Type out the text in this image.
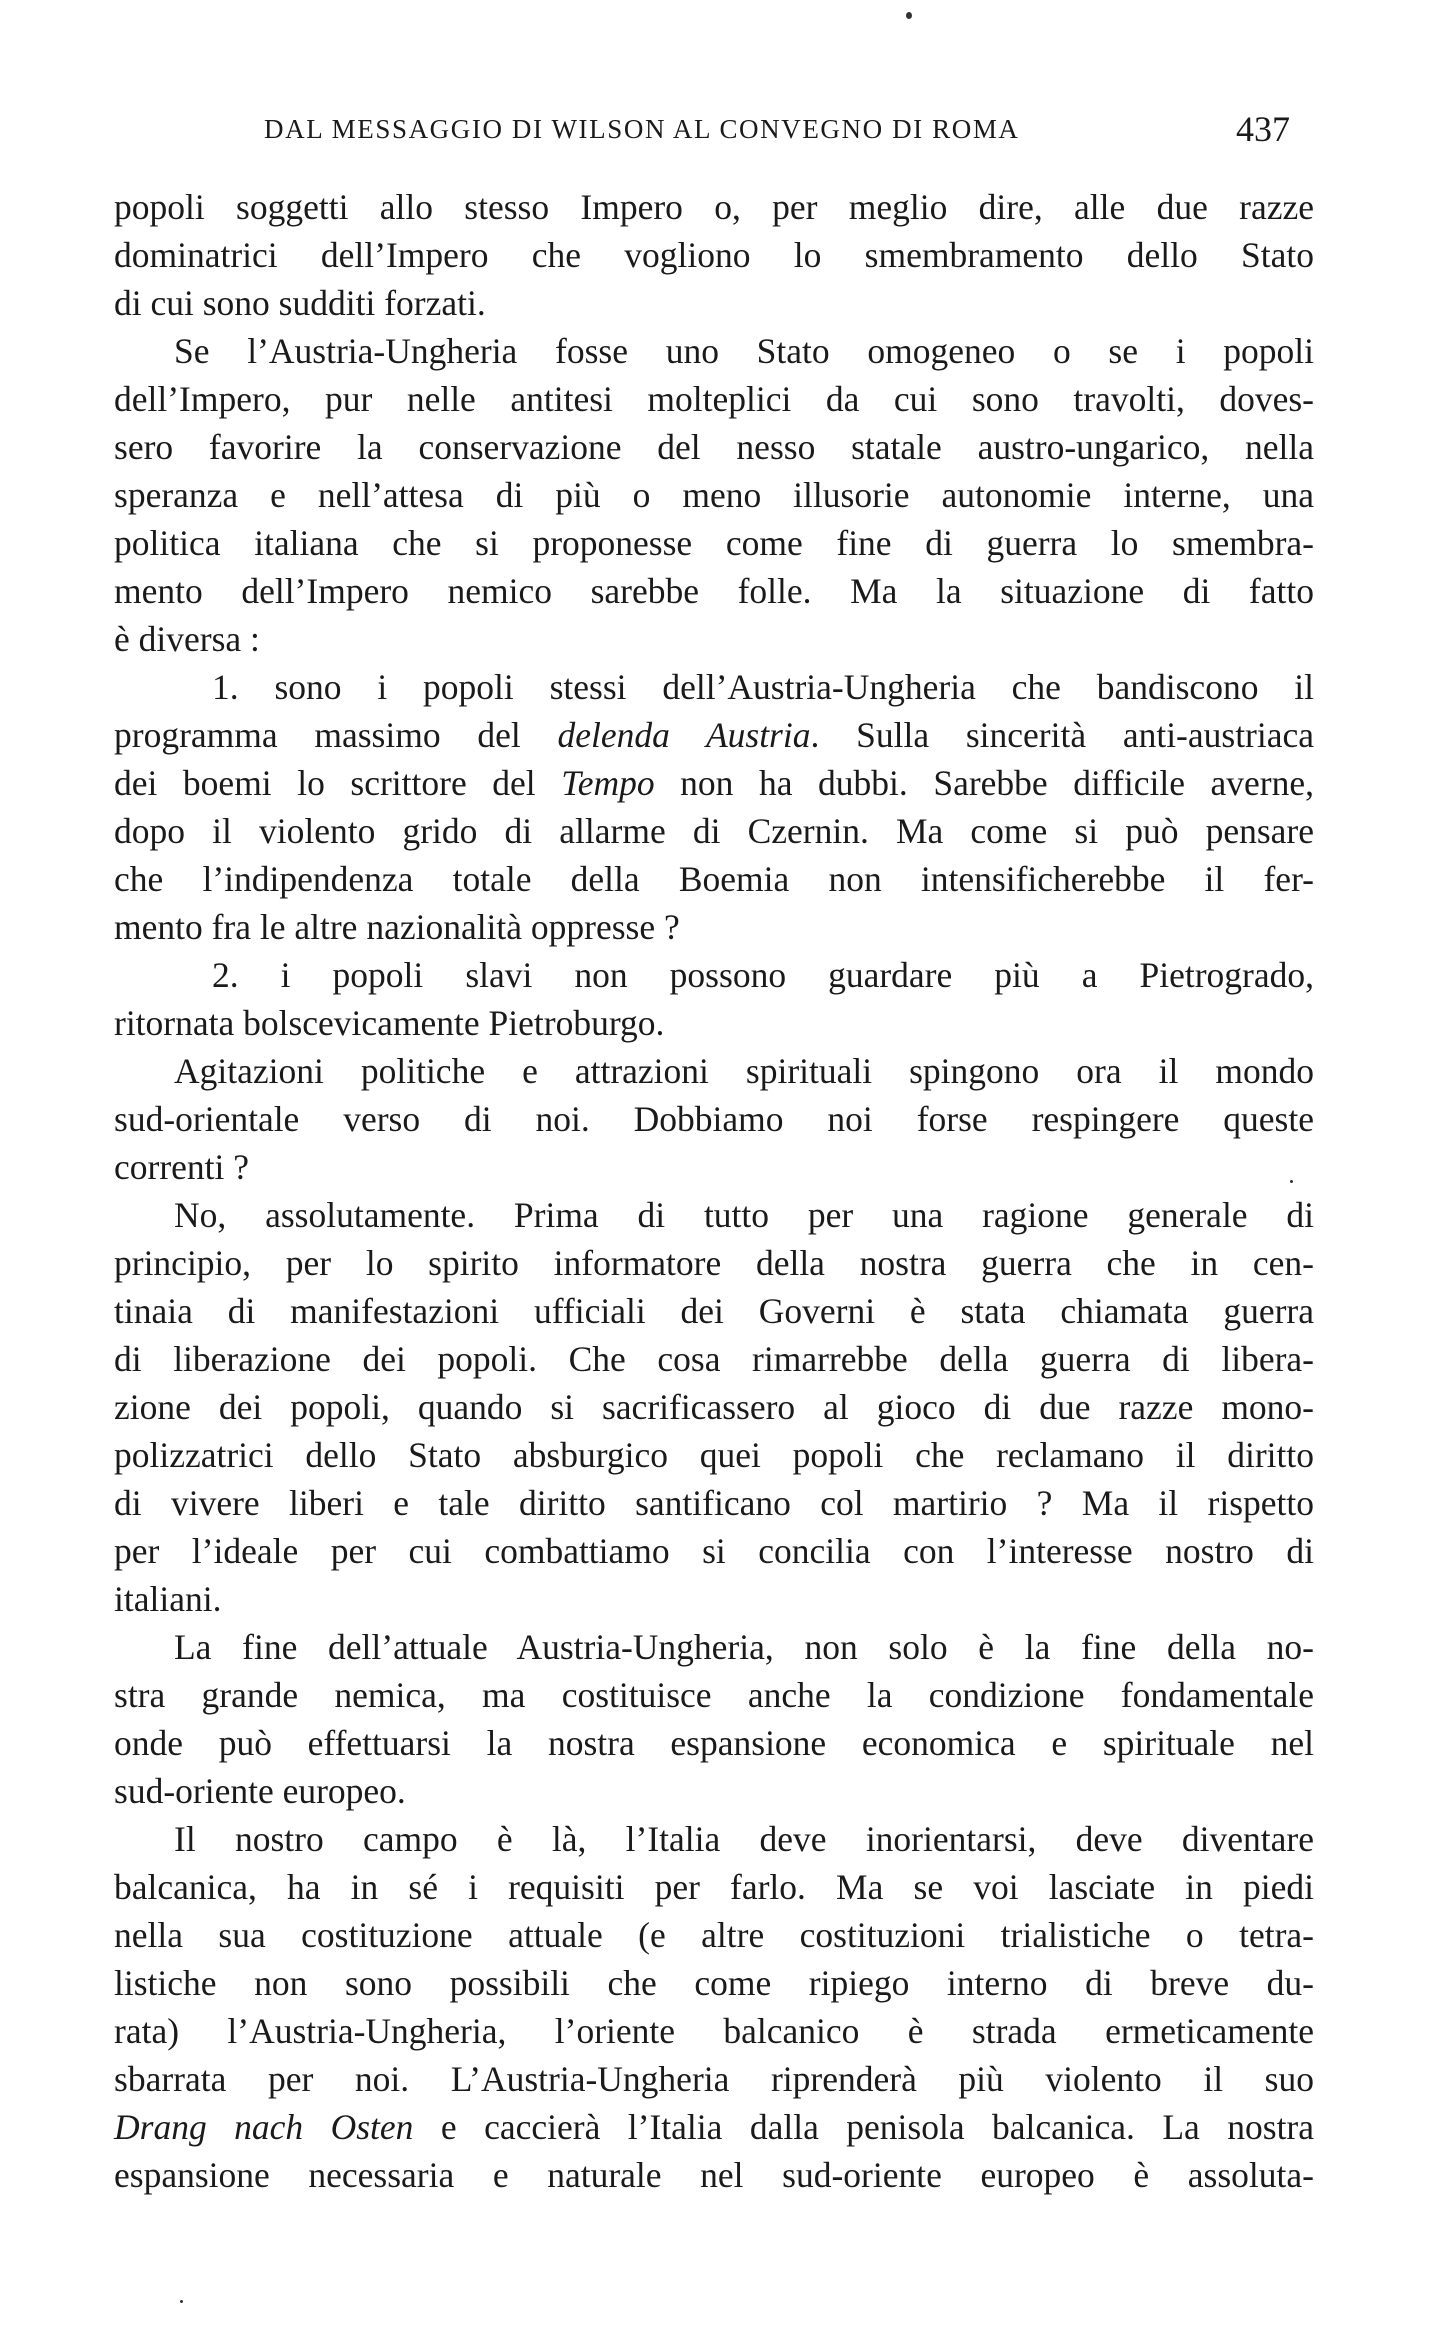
DAL MESSAGGIO DI WILSON AL CONVEGNO DI ROMA	437
popoli soggetti allo stesso Impero o, per meglio dire, alle due razze
dominatrici dell’Impero che vogliono lo smembramento dello Stato
di cui sono sudditi forzati.
Se l’Austria-Ungheria fosse uno Stato omogeneo o se i popoli
dell’Impero, pur nelle antitesi molteplici da cui sono travolti, doves-
sero favorire la conservazione del nesso statale austro-ungarico, nella
speranza e nell’attesa di più o meno illusorie autonomie interne, una
politica italiana che si proponesse come fine di guerra lo smembra-
mento dell’Impero nemico sarebbe folle. Ma la situazione di fatto
è diversa :
1. sono i popoli stessi dell’Austria-Ungheria che bandiscono il
programma massimo del delenda Austria. Sulla sincerità anti-austriaca
dei boemi lo scrittore del Tempo non ha dubbi. Sarebbe difficile averne,
dopo il violento grido di allarme di Czernin. Ma come si può pensare
che l’indipendenza totale della Boemia non intensificherebbe il fer-
mento fra le altre nazionalità oppresse ?
2. i popoli slavi non possono guardare più a Pietrogrado,
ritornata bolscevicamente Pietroburgo.
Agitazioni politiche e attrazioni spirituali spingono ora il mondo
sud-orientale verso di noi. Dobbiamo noi forse respingere queste
correnti ?
No, assolutamente. Prima di tutto per una ragione generale di
principio, per lo spirito informatore della nostra guerra che in cen-
tinaia di manifestazioni ufficiali dei Governi è stata chiamata guerra
di liberazione dei popoli. Che cosa rimarrebbe della guerra di libera-
zione dei popoli, quando si sacrificassero al gioco di due razze mono-
polizzatrici dello Stato absburgico quei popoli che reclamano il diritto
di vivere liberi e tale diritto santificano col martirio ? Ma il rispetto
per l’ideale per cui combattiamo si concilia con l’interesse nostro di
italiani.
La fine dell’attuale Austria-Ungheria, non solo è la fine della no-
stra grande nemica, ma costituisce anche la condizione fondamentale
onde può effettuarsi la nostra espansione economica e spirituale nel
sud-oriente europeo.
Il nostro campo è là, l’Italia deve inorientarsi, deve diventare
balcanica, ha in sé i requisiti per farlo. Ma se voi lasciate in piedi
nella sua costituzione attuale (e altre costituzioni trialistiche o tetra-
listiche non sono possibili che come ripiego interno di breve du-
rata) l’Austria-Ungheria, l’oriente balcanico è strada ermeticamente
sbarrata per noi. L’Austria-Ungheria riprenderà più violento il suo
Drang nach Osten e caccierà l’Italia dalla penisola balcanica. La nostra
espansione necessaria e naturale nel sud-oriente europeo è assoluta-
